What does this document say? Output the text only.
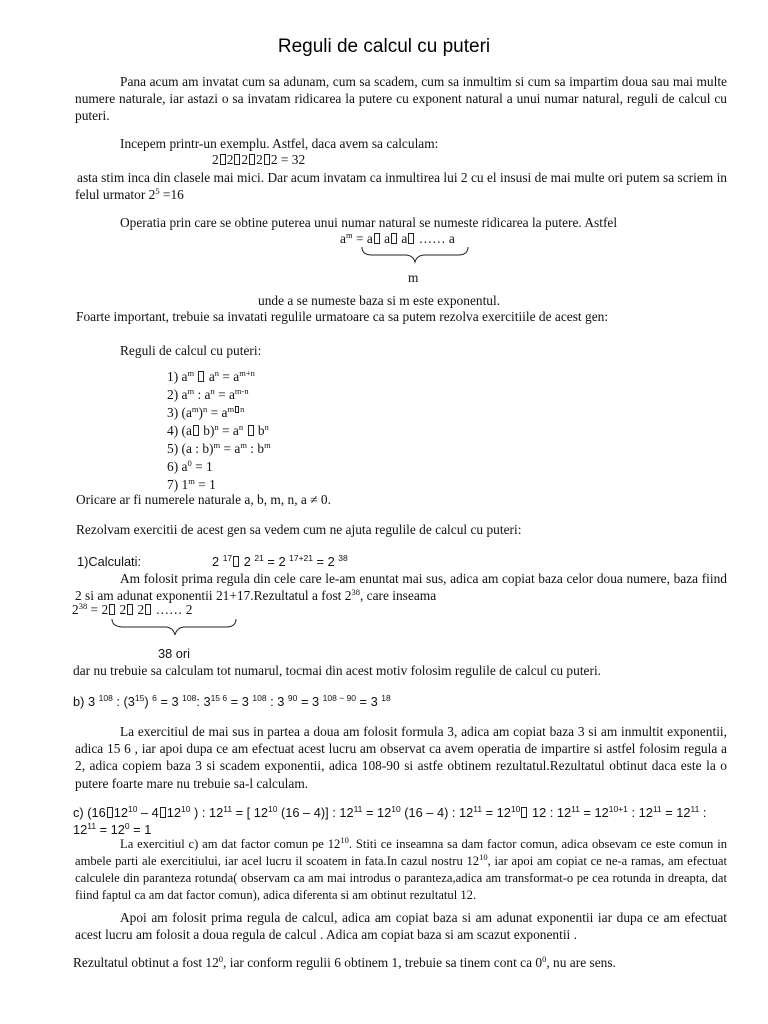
Reguli de calcul cu puteri
Pana acum am invatat cum sa adunam, cum sa scadem, cum sa inmultim si cum sa impartim doua sau mai multe numere naturale, iar astazi o sa invatam ridicarea la putere cu exponent natural a unui numar natural, reguli de calcul cu puteri.
Incepem printr-un exemplu. Astfel, daca avem sa calculam:
2 2 2 2 2 = 32
asta stim inca din clasele mai mici. Dar acum invatam ca inmultirea lui 2 cu el insusi de mai multe ori putem sa scriem in felul urmator $2^5 =16$
Operatia prin care se obtine puterea unui numar natural se numeste ridicarea la putere. Astfel
$a^m = a$ a a …… a
m
unde a se numeste baza si m este exponentul.
Foarte important, trebuie sa invatati regulile urmatoare ca sa putem rezolva exercitiile de acest gen:
Reguli de calcul cu puteri:
1) $a^m$ $a^n = a^{m+n}$
2) $a^m$ : $a^n = a^{m-n}$
3) $(a^m)^n = a^{m n}$
4) (a $b)^n = a^n$  $b^n$
5) (a : $b)^m = a^m$ : $b^m$
6) $a^0 = 1$
7) $1^m = 1$
Oricare ar fi numerele naturale a, b, m, n, a ≠ 0.
Rezolvam exercitii de acest gen sa vedem cum ne ajuta regulile de calcul cu puteri:
1)Calculati:	2 $^{17}$ 2 $^{21}$ = 2 $^{17+21}$ = 2 $^{38}$
Am folosit prima regula din cele care le-am enuntat mai sus, adica am copiat baza celor doua numere, baza fiind 2 si am adunat exponentii 21+17.Rezultatul a fost $2^{38}$, care inseama
$2^{38} = 2$ 2 2 …… 2
38 ori
dar nu trebuie sa calculam tot numarul, tocmai din acest motiv folosim regulile de calcul cu puteri.
b) 3 $^{108}$ : $(3^{15}) ^6 = 3$ $^{108}$: $3^{15 6} = 3$ $^{108}$ : 3 $^{90}$ = 3 $^{108 - 90}$ = 3 $^{18}$
La exercitiul de mai sus in partea a doua am folosit formula 3, adica am copiat baza 3 si am inmultit exponentii, adica 15 6 , iar apoi dupa ce am efectuat acest lucru am observat ca avem operatia de impartire si astfel folosim regula a 2, adica copiem baza 3 si scadem exponentii, adica 108-90 si astfe obtinem rezultatul.Rezultatul obtinut daca este la o putere foarte mare nu trebuie sa-l calculam.
c) (16 $12^{10} - 4$ $12^{10}$ ) : $12^{11}$ = [ $12^{10}$ (16 – 4)] : $12^{11} = 12^{10}$ (16 – 4) : $12^{11} = 12^{10}$ 12 : $12^{11} = 12^{10+1}$ : $12^{11} = 12^{11}$ :
$12^{11} = 12^0 = 1$
La exercitiul c) am dat factor comun pe $12^{10}$. Stiti ce inseamna sa dam factor comun, adica obsevam ce este comun in ambele parti ale exercitiului, iar acel lucru il scoatem in fata.In cazul nostru $12^{10}$, iar apoi am copiat ce ne-a ramas, am efectuat calculele din paranteza rotunda( observam ca am mai introdus o paranteza,adica am transformat-o pe cea rotunda in dreapta, dat fiind faptul ca am dat factor comun), adica diferenta si am obtinut rezultatul 12.
Apoi am folosit prima regula de calcul, adica am copiat baza si am adunat exponentii iar dupa ce am efectuat acest lucru am folosit a doua regula de calcul . Adica am copiat baza si am scazut exponentii .
Rezultatul obtinut a fost $12^0$, iar conform regulii 6 obtinem 1, trebuie sa tinem cont ca $0^0$, nu are sens.
